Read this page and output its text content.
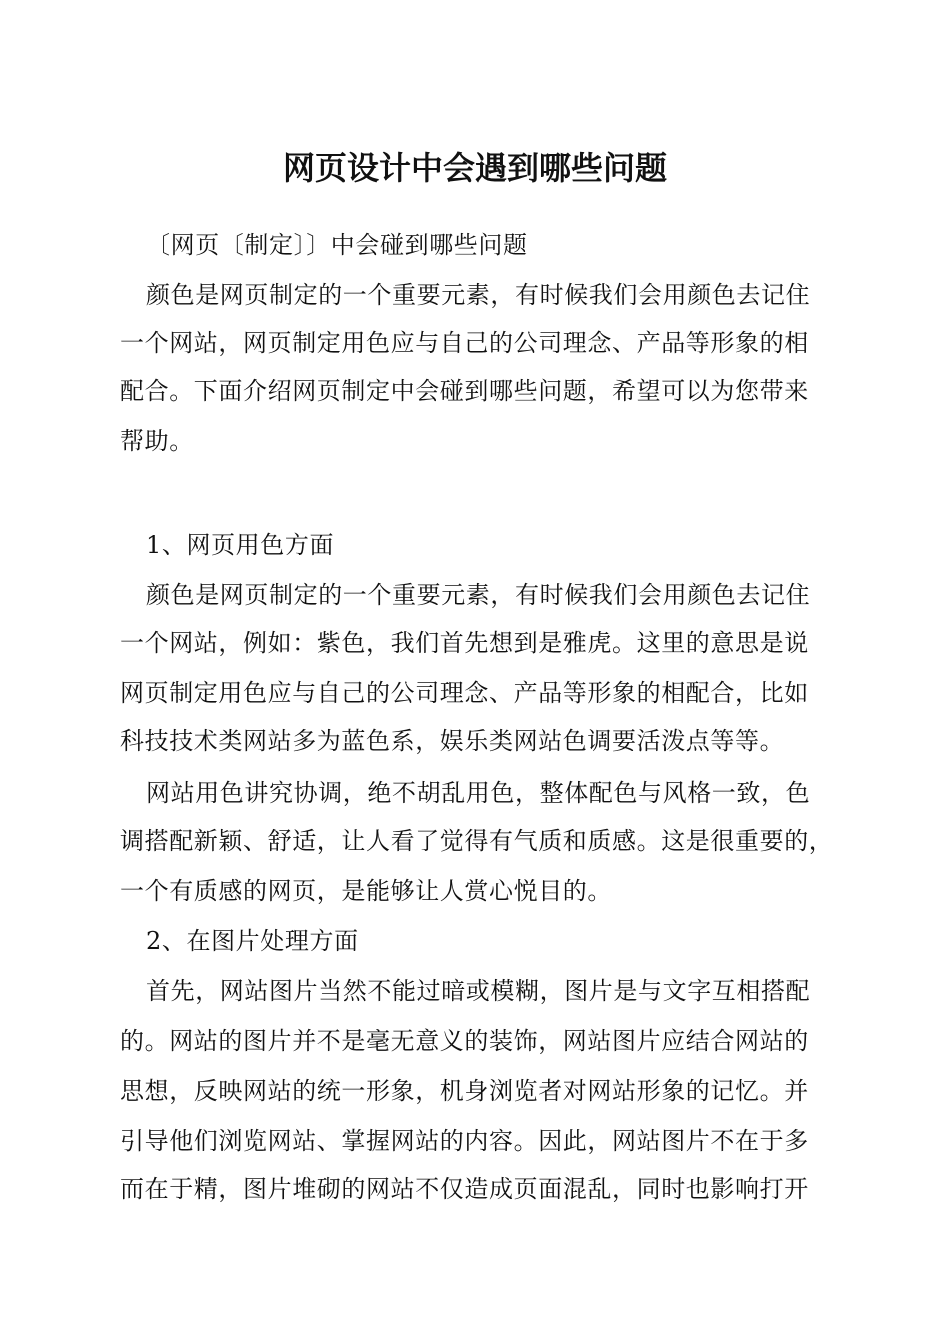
网页设计中会遇到哪些问题
〔网页〔制定〕〕中会碰到哪些问题
颜色是网页制定的一个重要元素，有时候我们会用颜色去记住
一个网站，网页制定用色应与自己的公司理念、产品等形象的相
配合。下面介绍网页制定中会碰到哪些问题，希望可以为您带来
帮助。
1、网页用色方面
颜色是网页制定的一个重要元素，有时候我们会用颜色去记住
一个网站，例如：紫色，我们首先想到是雅虎。这里的意思是说
网页制定用色应与自己的公司理念、产品等形象的相配合，比如
科技技术类网站多为蓝色系，娱乐类网站色调要活泼点等等。
网站用色讲究协调，绝不胡乱用色，整体配色与风格一致，色
调搭配新颖、舒适，让人看了觉得有气质和质感。这是很重要的，
一个有质感的网页，是能够让人赏心悦目的。
2、在图片处理方面
首先，网站图片当然不能过暗或模糊，图片是与文字互相搭配
的。网站的图片并不是毫无意义的装饰，网站图片应结合网站的
思想，反映网站的统一形象，机身浏览者对网站形象的记忆。并
引导他们浏览网站、掌握网站的内容。因此，网站图片不在于多
而在于精，图片堆砌的网站不仅造成页面混乱，同时也影响打开
